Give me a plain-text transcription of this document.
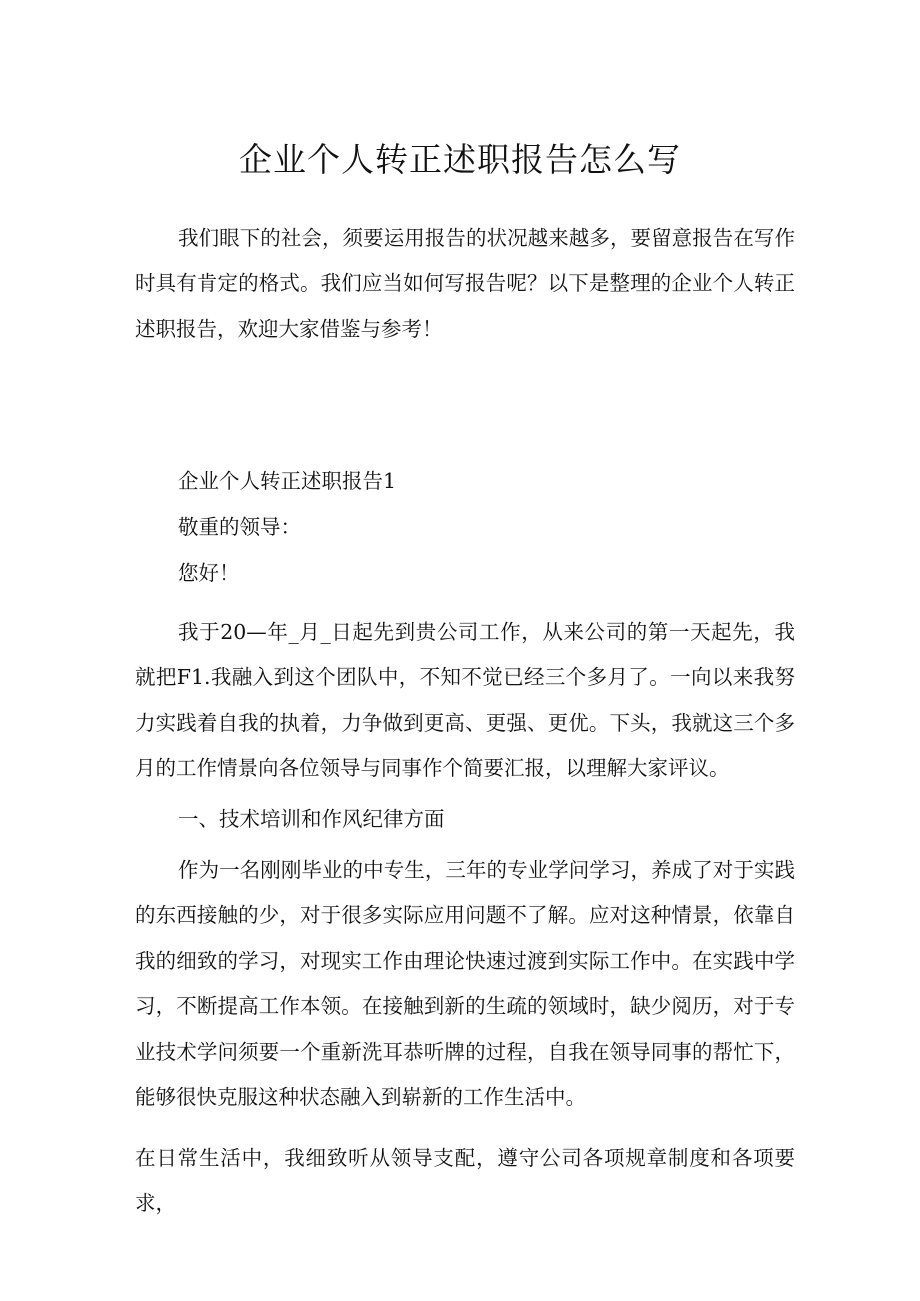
企业个人转正述职报告怎么写

我们眼下的社会，须要运用报告的状况越来越多，要留意报告在写作时具有肯定的格式。我们应当如何写报告呢？以下是整理的企业个人转正述职报告，欢迎大家借鉴与参考！

企业个人转正述职报告1

敬重的领导：

您好！

我于20—年_月_日起先到贵公司工作，从来公司的第一天起先，我就把F1.我融入到这个团队中，不知不觉已经三个多月了。一向以来我努力实践着自我的执着，力争做到更高、更强、更优。下头，我就这三个多月的工作情景向各位领导与同事作个简要汇报，以理解大家评议。

一、技术培训和作风纪律方面

作为一名刚刚毕业的中专生，三年的专业学问学习，养成了对于实践的东西接触的少，对于很多实际应用问题不了解。应对这种情景，依靠自我的细致的学习，对现实工作由理论快速过渡到实际工作中。在实践中学习，不断提高工作本领。在接触到新的生疏的领域时，缺少阅历，对于专业技术学问须要一个重新洗耳恭听牌的过程，自我在领导同事的帮忙下，能够很快克服这种状态融入到崭新的工作生活中。

在日常生活中，我细致听从领导支配，遵守公司各项规章制度和各项要求，
